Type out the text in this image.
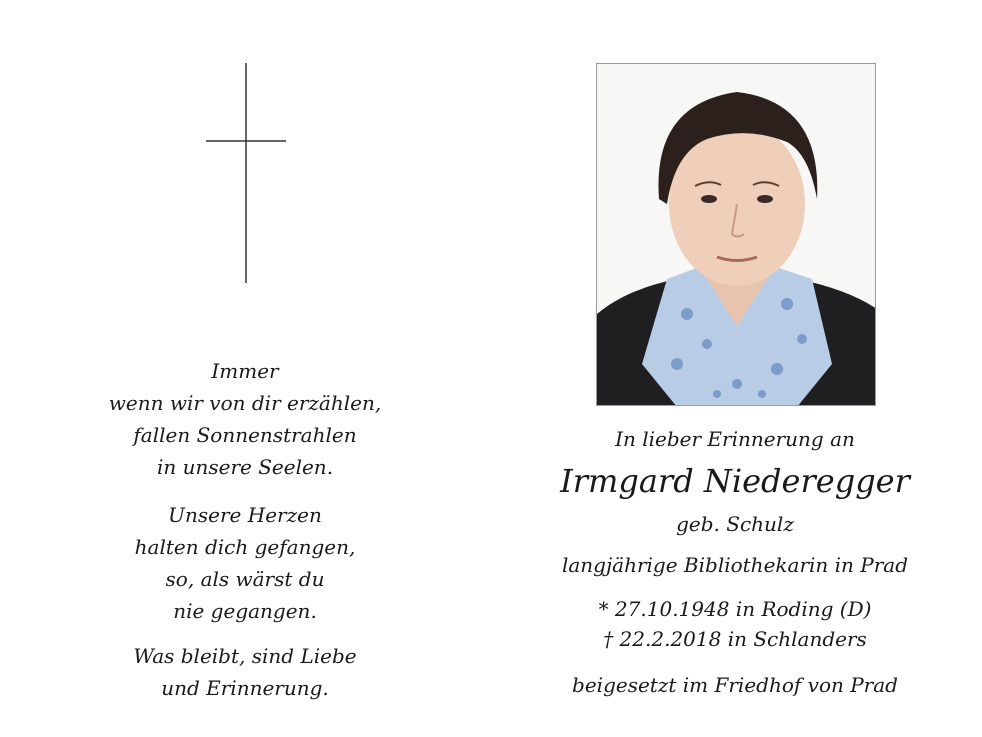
Immer
wenn wir von dir erzählen,
fallen Sonnenstrahlen
in unsere Seelen.
Unsere Herzen
halten dich gefangen,
so, als wärst du
nie gegangen.
Was bleibt, sind Liebe
und Erinnerung.
In lieber Erinnerung an
Irmgard Niederegger
geb. Schulz
langjährige Bibliothekarin in Prad
* 27.10.1948 in Roding (D)
† 22.2.2018 in Schlanders
beigesetzt im Friedhof von Prad
